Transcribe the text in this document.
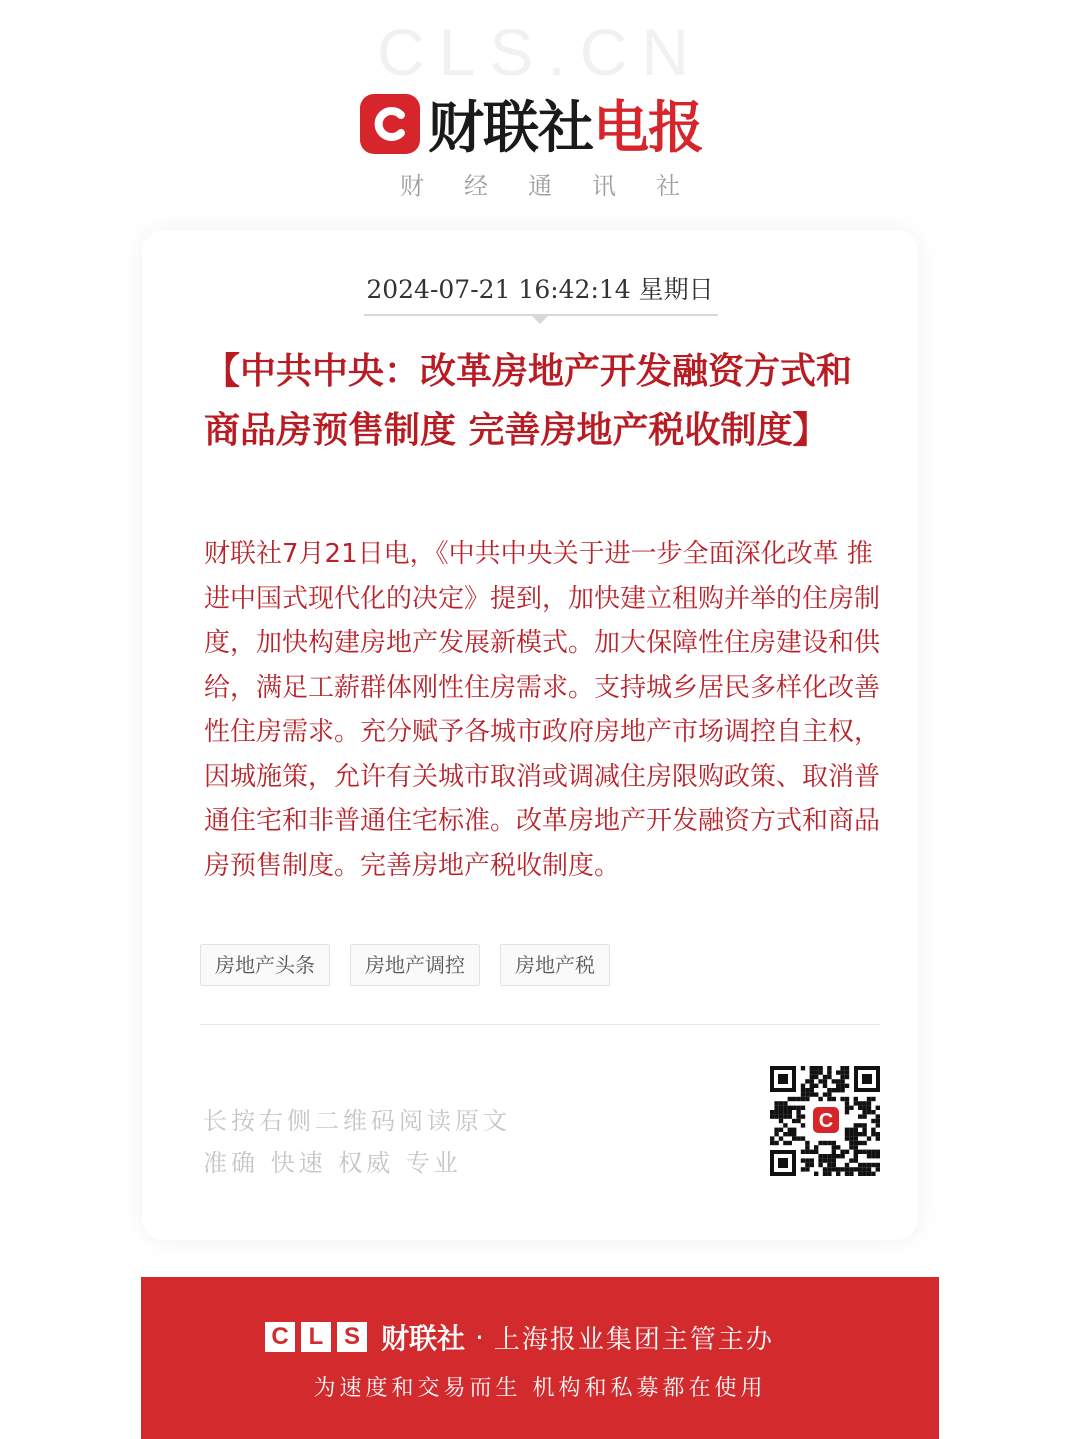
CLS.CN
财联社 电报
财经通讯社
2024-07-21 16:42:14 星期日

【中共中央：改革房地产开发融资方式和商品房预售制度 完善房地产税收制度】

财联社7月21日电，《中共中央关于进一步全面深化改革 推进中国式现代化的决定》提到，加快建立租购并举的住房制度，加快构建房地产发展新模式。加大保障性住房建设和供给，满足工薪群体刚性住房需求。支持城乡居民多样化改善性住房需求。充分赋予各城市政府房地产市场调控自主权，因城施策，允许有关城市取消或调减住房限购政策、取消普通住宅和非普通住宅标准。改革房地产开发融资方式和商品房预售制度。完善房地产税收制度。

房地产头条	房地产调控	房地产税
长按右侧二维码阅读原文
准确 快速 权威 专业
C
C L S 财联社 · 上海报业集团主管主办
为速度和交易而生 机构和私募都在使用
